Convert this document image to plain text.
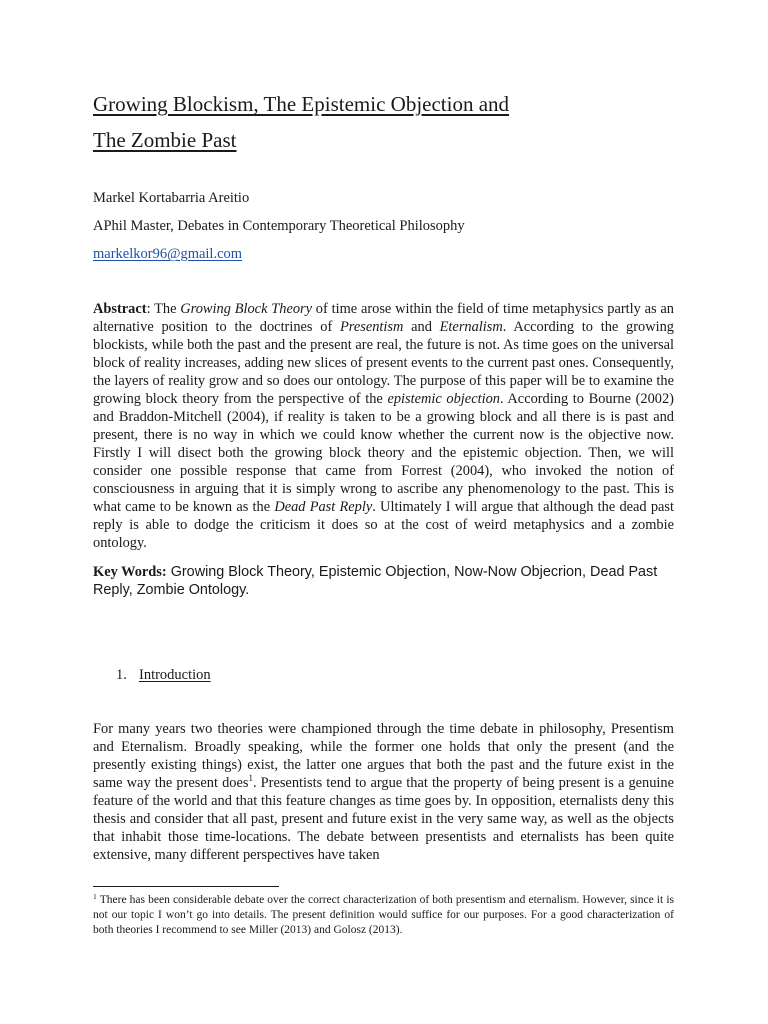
Growing Blockism, The Epistemic Objection and
The Zombie Past

Markel Kortabarria Areitio

APhil Master, Debates in Contemporary Theoretical Philosophy

markelkor96@gmail.com

Abstract: The Growing Block Theory of time arose within the field of time metaphysics partly as an alternative position to the doctrines of Presentism and Eternalism. According to the growing blockists, while both the past and the present are real, the future is not. As time goes on the universal block of reality increases, adding new slices of present events to the current past ones. Consequently, the layers of reality grow and so does our ontology. The purpose of this paper will be to examine the growing block theory from the perspective of the epistemic objection. According to Bourne (2002) and Braddon-Mitchell (2004), if reality is taken to be a growing block and all there is is past and present, there is no way in which we could know whether the current now is the objective now. Firstly I will disect both the growing block theory and the epistemic objection. Then, we will consider one possible response that came from Forrest (2004), who invoked the notion of consciousness in arguing that it is simply wrong to ascribe any phenomenology to the past. This is what came to be known as the Dead Past Reply. Ultimately I will argue that although the dead past reply is able to dodge the criticism it does so at the cost of weird metaphysics and a zombie ontology.

Key Words: Growing Block Theory, Epistemic Objection, Now-Now Objecrion, Dead Past Reply, Zombie Ontology.

1. Introduction

For many years two theories were championed through the time debate in philosophy, Presentism and Eternalism. Broadly speaking, while the former one holds that only the present (and the presently existing things) exist, the latter one argues that both the past and the future exist in the same way the present does$^1$. Presentists tend to argue that the property of being present is a genuine feature of the world and that this feature changes as time goes by. In opposition, eternalists deny this thesis and consider that all past, present and future exist in the very same way, as well as the objects that inhabit those time-locations. The debate between presentists and eternalists has been quite extensive, many different perspectives have taken

$^1$ There has been considerable debate over the correct characterization of both presentism and eternalism. However, since it is not our topic I won’t go into details. The present definition would suffice for our purposes. For a good characterization of both theories I recommend to see Miller (2013) and Golosz (2013).
